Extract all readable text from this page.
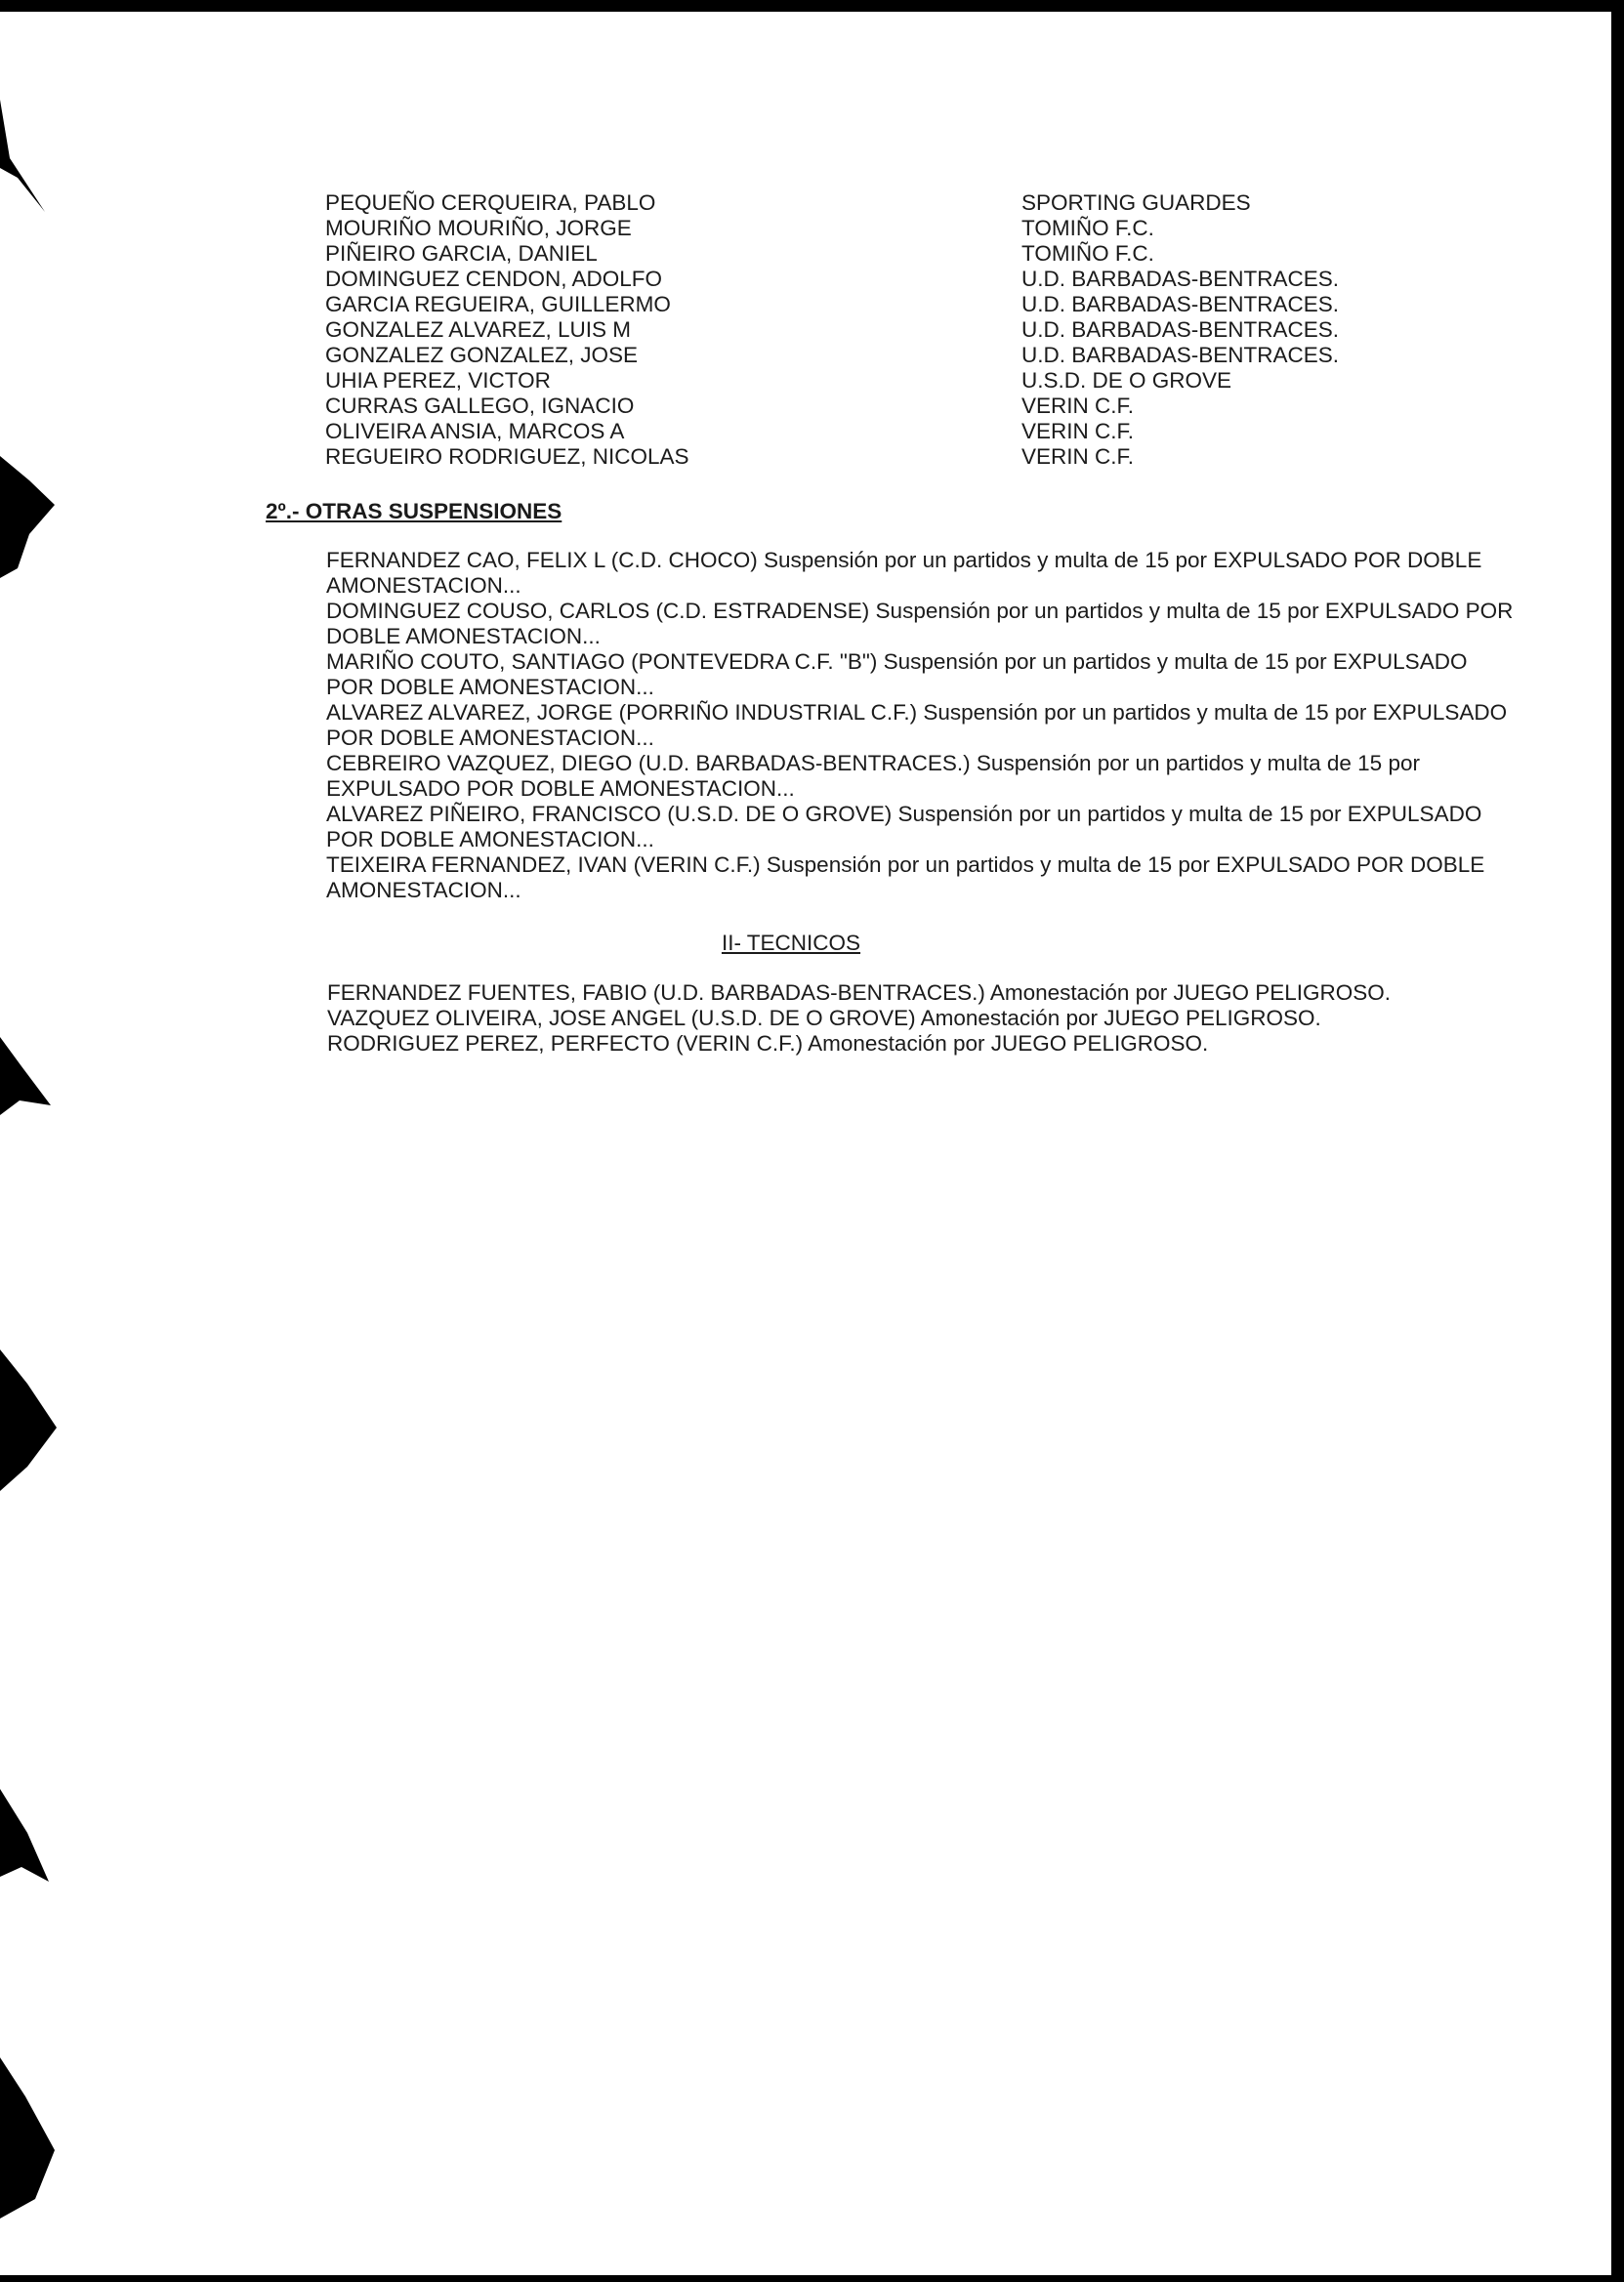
PEQUEÑO CERQUEIRA, PABLO	SPORTING GUARDES
MOURIÑO MOURIÑO, JORGE	TOMIÑO F.C.
PIÑEIRO GARCIA, DANIEL	TOMIÑO F.C.
DOMINGUEZ CENDON, ADOLFO	U.D. BARBADAS-BENTRACES.
GARCIA REGUEIRA, GUILLERMO	U.D. BARBADAS-BENTRACES.
GONZALEZ ALVAREZ, LUIS M	U.D. BARBADAS-BENTRACES.
GONZALEZ GONZALEZ, JOSE	U.D. BARBADAS-BENTRACES.
UHIA PEREZ, VICTOR	U.S.D. DE O GROVE
CURRAS GALLEGO, IGNACIO	VERIN C.F.
OLIVEIRA ANSIA, MARCOS A	VERIN C.F.
REGUEIRO RODRIGUEZ, NICOLAS	VERIN C.F.
2º.- OTRAS SUSPENSIONES
FERNANDEZ CAO, FELIX L (C.D. CHOCO) Suspensión por un partidos y multa de 15 por EXPULSADO POR DOBLE
AMONESTACION...
DOMINGUEZ COUSO, CARLOS (C.D. ESTRADENSE) Suspensión por un partidos y multa de 15 por EXPULSADO POR
DOBLE AMONESTACION...
MARIÑO COUTO, SANTIAGO (PONTEVEDRA C.F. "B") Suspensión por un partidos y multa de 15 por EXPULSADO
POR DOBLE AMONESTACION...
ALVAREZ ALVAREZ, JORGE (PORRIÑO INDUSTRIAL C.F.) Suspensión por un partidos y multa de 15 por EXPULSADO
POR DOBLE AMONESTACION...
CEBREIRO VAZQUEZ, DIEGO (U.D. BARBADAS-BENTRACES.) Suspensión por un partidos y multa de 15 por
EXPULSADO POR DOBLE AMONESTACION...
ALVAREZ PIÑEIRO, FRANCISCO (U.S.D. DE O GROVE) Suspensión por un partidos y multa de 15 por EXPULSADO
POR DOBLE AMONESTACION...
TEIXEIRA FERNANDEZ, IVAN (VERIN C.F.) Suspensión por un partidos y multa de 15 por EXPULSADO POR DOBLE
AMONESTACION...
II- TECNICOS
FERNANDEZ FUENTES, FABIO (U.D. BARBADAS-BENTRACES.) Amonestación por JUEGO PELIGROSO.
VAZQUEZ OLIVEIRA, JOSE ANGEL (U.S.D. DE O GROVE) Amonestación por JUEGO PELIGROSO.
RODRIGUEZ PEREZ, PERFECTO (VERIN C.F.) Amonestación por JUEGO PELIGROSO.
